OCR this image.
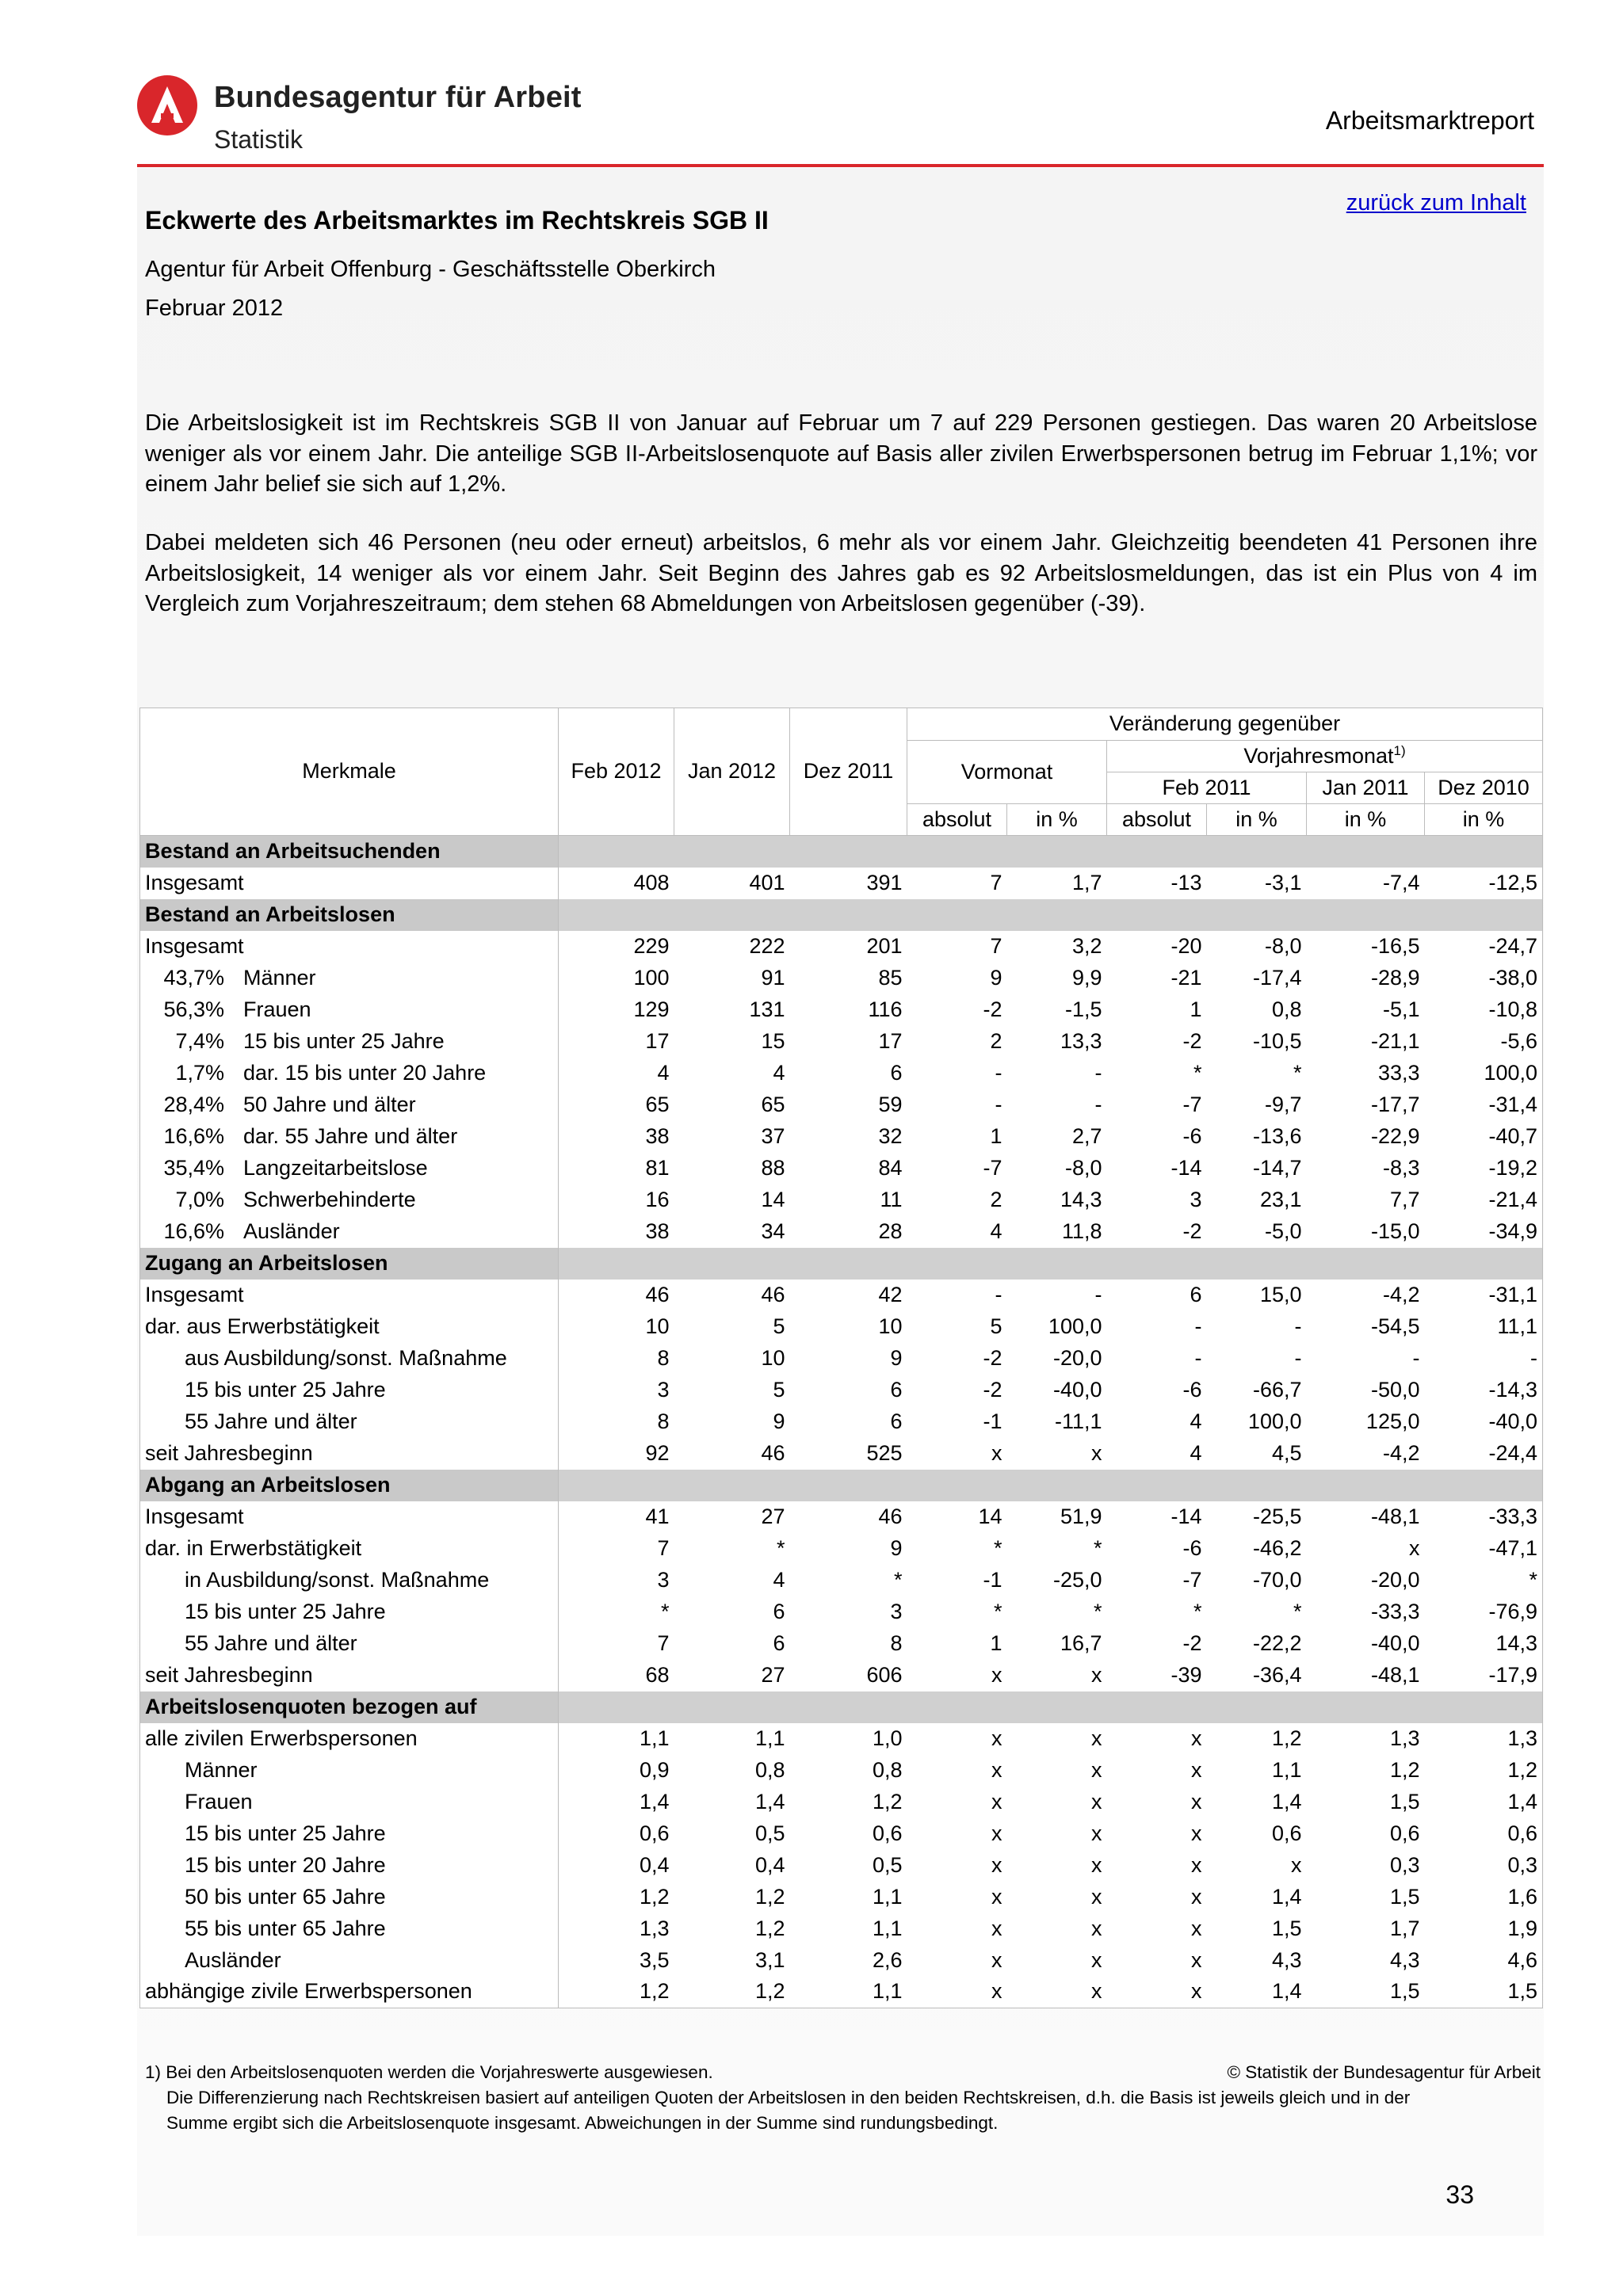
Bundesagentur für Arbeit
Statistik
Arbeitsmarktreport
zurück zum Inhalt
Eckwerte des Arbeitsmarktes im Rechtskreis SGB II
Agentur für Arbeit Offenburg - Geschäftsstelle Oberkirch
Februar 2012
Die Arbeitslosigkeit ist im Rechtskreis SGB II von Januar auf Februar um 7 auf 229 Personen gestiegen. Das waren 20 Arbeitslose weniger als vor einem Jahr. Die anteilige SGB II-Arbeitslosenquote auf Basis aller zivilen Erwerbspersonen betrug im Februar 1,1%; vor einem Jahr belief sie sich auf 1,2%.
Dabei meldeten sich 46 Personen (neu oder erneut) arbeitslos, 6 mehr als vor einem Jahr. Gleichzeitig beendeten 41 Personen ihre Arbeitslosigkeit, 14 weniger als vor einem Jahr. Seit Beginn des Jahres gab es 92 Arbeitslosmeldungen, das ist ein Plus von 4 im Vergleich zum Vorjahreszeitraum; dem stehen 68 Abmeldungen von Arbeitslosen gegenüber (-39).
Merkmale	Feb 2012	Jan 2012	Dez 2011	Veränderung gegenüber					
				Vormonat		Vorjahresmonat$^{1)}$
						Feb 2011		Jan 2011	Dez 2010
				absolut	in %	absolut	in %	in %	in %
Bestand an Arbeitsuchenden									
Insgesamt	408	401	391	7	1,7	-13	-3,1	-7,4	-12,5
Bestand an Arbeitslosen									
Insgesamt	229	222	201	7	3,2	-20	-8,0	-16,5	-24,7
43,7% Männer	100	91	85	9	9,9	-21	-17,4	-28,9	-38,0
56,3% Frauen	129	131	116	-2	-1,5	1	0,8	-5,1	-10,8
7,4% 15 bis unter 25 Jahre	17	15	17	2	13,3	-2	-10,5	-21,1	-5,6
1,7% dar. 15 bis unter 20 Jahre	4	4	6	-	-	*	*	33,3	100,0
28,4% 50 Jahre und älter	65	65	59	-	-	-7	-9,7	-17,7	-31,4
16,6% dar. 55 Jahre und älter	38	37	32	1	2,7	-6	-13,6	-22,9	-40,7
35,4% Langzeitarbeitslose	81	88	84	-7	-8,0	-14	-14,7	-8,3	-19,2
7,0% Schwerbehinderte	16	14	11	2	14,3	3	23,1	7,7	-21,4
16,6% Ausländer	38	34	28	4	11,8	-2	-5,0	-15,0	-34,9
Zugang an Arbeitslosen									
Insgesamt	46	46	42	-	-	6	15,0	-4,2	-31,1
dar. aus Erwerbstätigkeit	10	5	10	5	100,0	-	-	-54,5	11,1
aus Ausbildung/sonst. Maßnahme	8	10	9	-2	-20,0	-	-	-	-
15 bis unter 25 Jahre	3	5	6	-2	-40,0	-6	-66,7	-50,0	-14,3
55 Jahre und älter	8	9	6	-1	-11,1	4	100,0	125,0	-40,0
seit Jahresbeginn	92	46	525	x	x	4	4,5	-4,2	-24,4
Abgang an Arbeitslosen									
Insgesamt	41	27	46	14	51,9	-14	-25,5	-48,1	-33,3
dar. in Erwerbstätigkeit	7	*	9	*	*	-6	-46,2	x	-47,1
in Ausbildung/sonst. Maßnahme	3	4	*	-1	-25,0	-7	-70,0	-20,0	*
15 bis unter 25 Jahre	*	6	3	*	*	*	*	-33,3	-76,9
55 Jahre und älter	7	6	8	1	16,7	-2	-22,2	-40,0	14,3
seit Jahresbeginn	68	27	606	x	x	-39	-36,4	-48,1	-17,9
Arbeitslosenquoten bezogen auf									
alle zivilen Erwerbspersonen	1,1	1,1	1,0	x	x	x	1,2	1,3	1,3
Männer	0,9	0,8	0,8	x	x	x	1,1	1,2	1,2
Frauen	1,4	1,4	1,2	x	x	x	1,4	1,5	1,4
15 bis unter 25 Jahre	0,6	0,5	0,6	x	x	x	0,6	0,6	0,6
15 bis unter 20 Jahre	0,4	0,4	0,5	x	x	x	x	0,3	0,3
50 bis unter 65 Jahre	1,2	1,2	1,1	x	x	x	1,4	1,5	1,6
55 bis unter 65 Jahre	1,3	1,2	1,1	x	x	x	1,5	1,7	1,9
Ausländer	3,5	3,1	2,6	x	x	x	4,3	4,3	4,6
abhängige zivile Erwerbspersonen	1,2	1,2	1,1	x	x	x	1,4	1,5	1,5
1) Bei den Arbeitslosenquoten werden die Vorjahreswerte ausgewiesen.	© Statistik der Bundesagentur für Arbeit
Die Differenzierung nach Rechtskreisen basiert auf anteiligen Quoten der Arbeitslosen in den beiden Rechtskreisen, d.h. die Basis ist jeweils gleich und in der
Summe ergibt sich die Arbeitslosenquote insgesamt. Abweichungen in der Summe sind rundungsbedingt.
33
